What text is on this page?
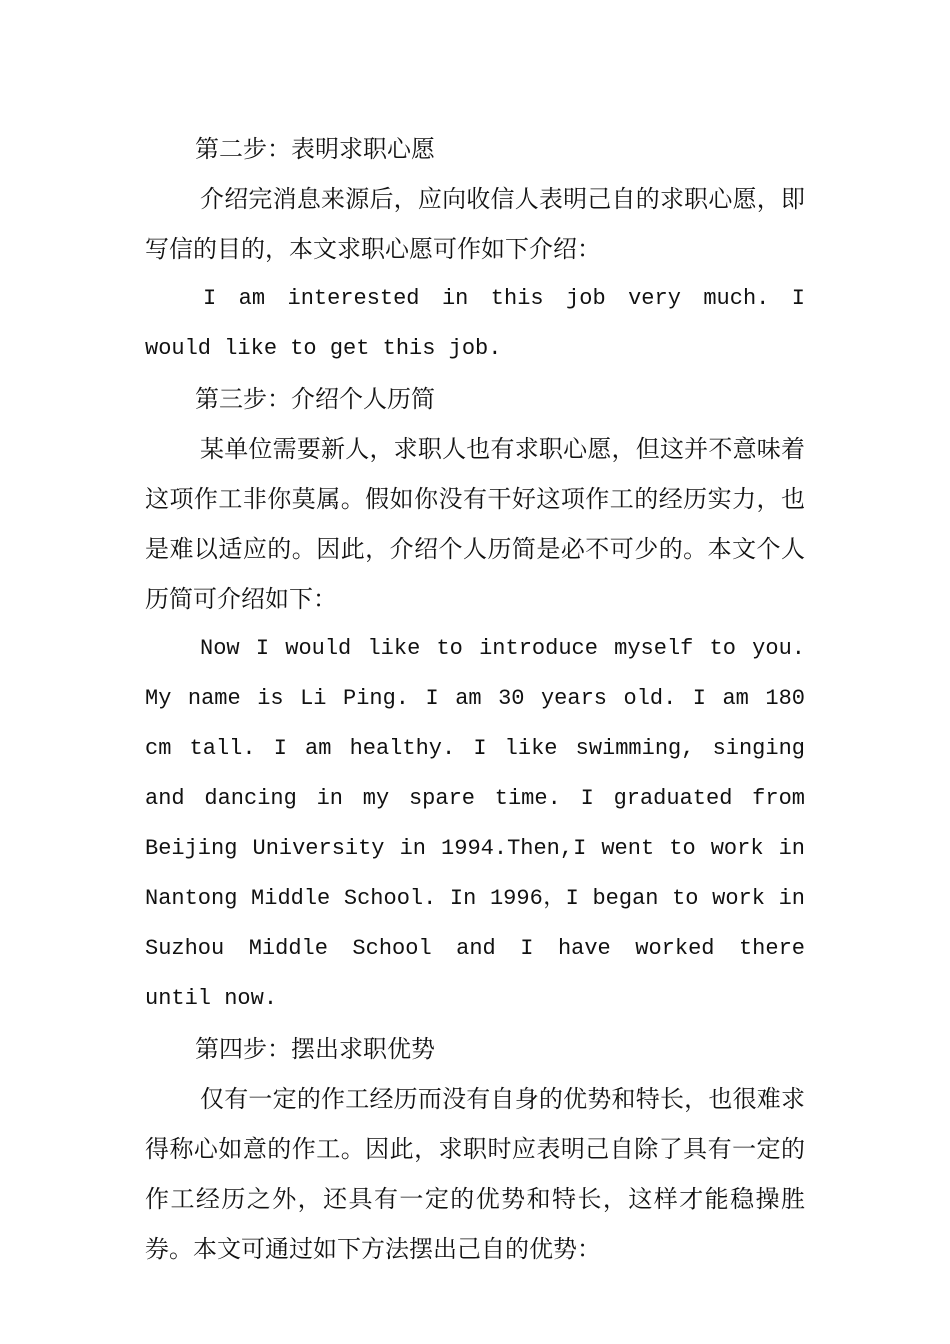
第二步：表明求职心愿

介绍完消息来源后，应向收信人表明己自的求职心愿，即写信的目的，本文求职心愿可作如下介绍：

I am interested in this job very much. I would like to get this job.

第三步：介绍个人历简

某单位需要新人，求职人也有求职心愿，但这并不意味着这项作工非你莫属。假如你没有干好这项作工的经历实力，也是难以适应的。因此，介绍个人历简是必不可少的。本文个人历简可介绍如下：

Now I would like to introduce myself to you. My name is Li Ping. I am 30 years old. I am 180 cm tall. I am healthy. I like swimming, singing and dancing in my spare time. I graduated from Beijing University in 1994.Then,I went to work in Nantong Middle School. In 1996，I began to work in Suzhou Middle School and I have worked there until now.

第四步：摆出求职优势

仅有一定的作工经历而没有自身的优势和特长，也很难求得称心如意的作工。因此，求职时应表明己自除了具有一定的作工经历之外，还具有一定的优势和特长，这样才能稳操胜券。本文可通过如下方法摆出己自的优势：
